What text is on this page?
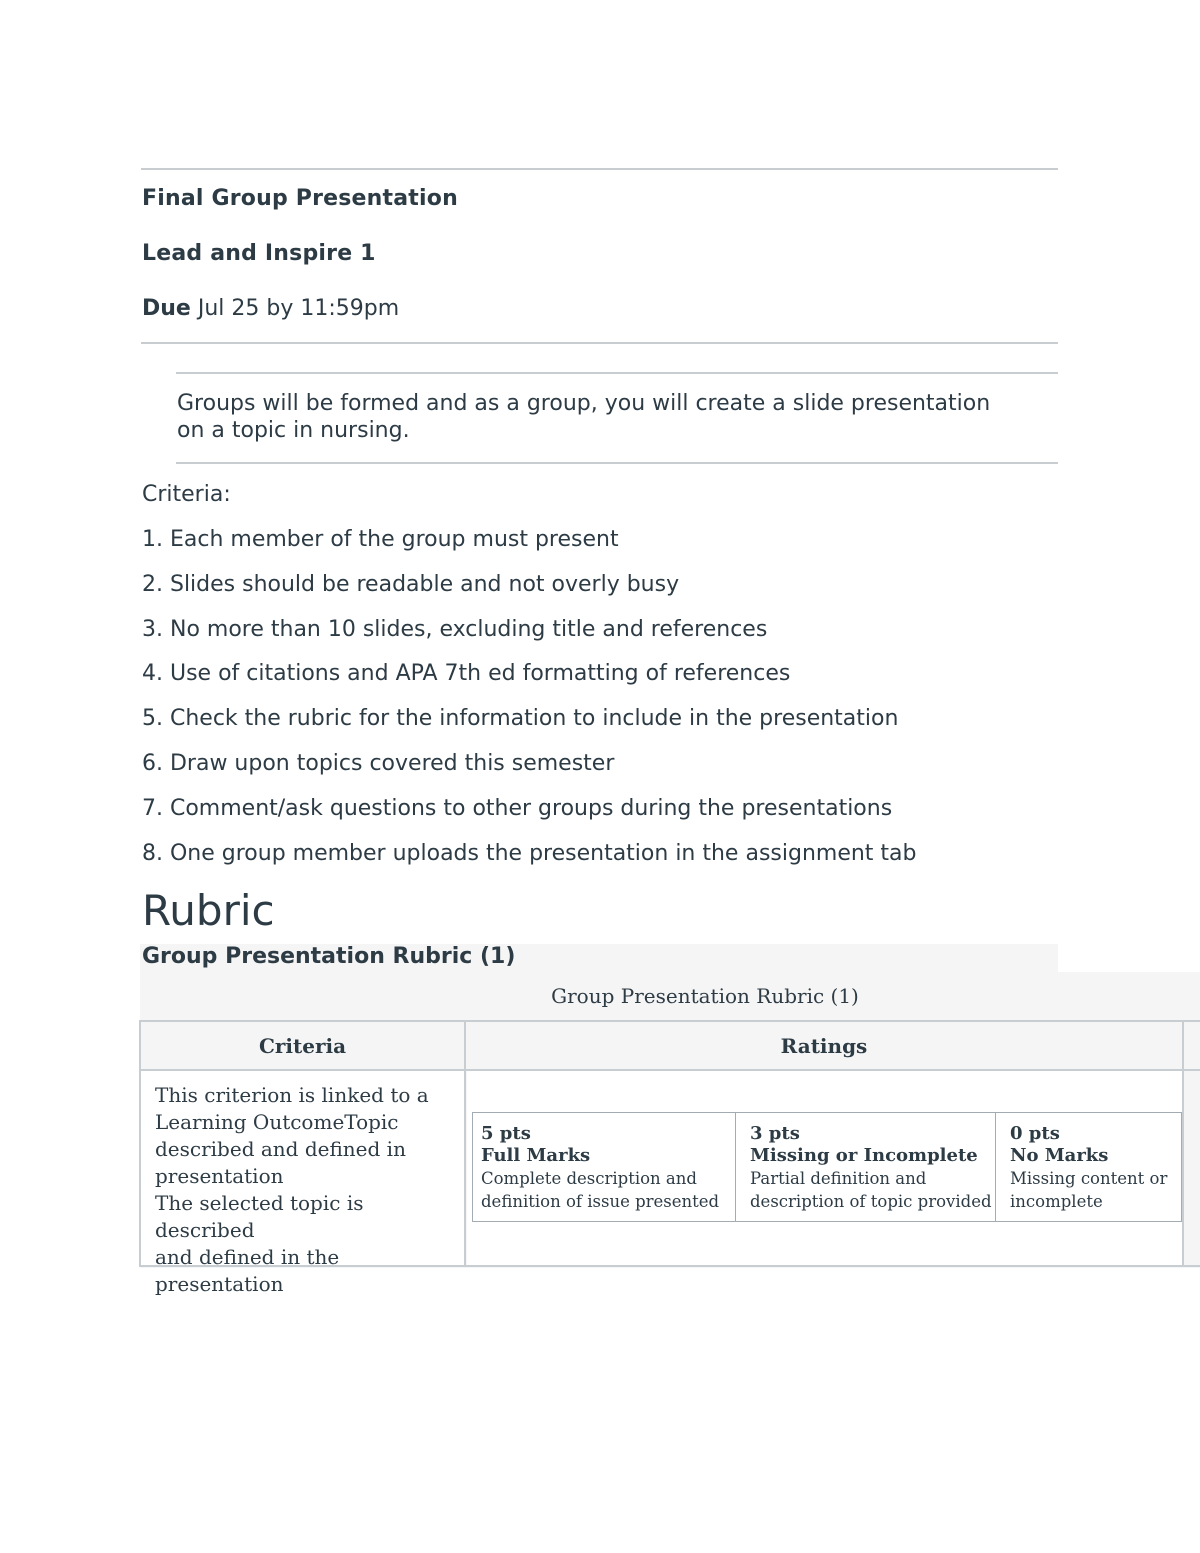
Final Group Presentation
Lead and Inspire 1
Due Jul 25 by 11:59pm
Groups will be formed and as a group, you will create a slide presentation
on a topic in nursing.
Criteria:
1. Each member of the group must present
2. Slides should be readable and not overly busy
3. No more than 10 slides, excluding title and references
4. Use of citations and APA 7th ed formatting of references
5. Check the rubric for the information to include in the presentation
6. Draw upon topics covered this semester
7. Comment/ask questions to other groups during the presentations
8. One group member uploads the presentation in the assignment tab
Rubric
Group Presentation Rubric (1)
Group Presentation Rubric (1)
Criteria	Ratings
This criterion is linked to a
Learning OutcomeTopic
described and defined in
presentation
The selected topic is described
and defined in the presentation
5 pts
Full Marks
Complete description and
definition of issue presented
3 pts
Missing or Incomplete
Partial definition and
description of topic provided
0 pts
No Marks
Missing content or
incomplete
